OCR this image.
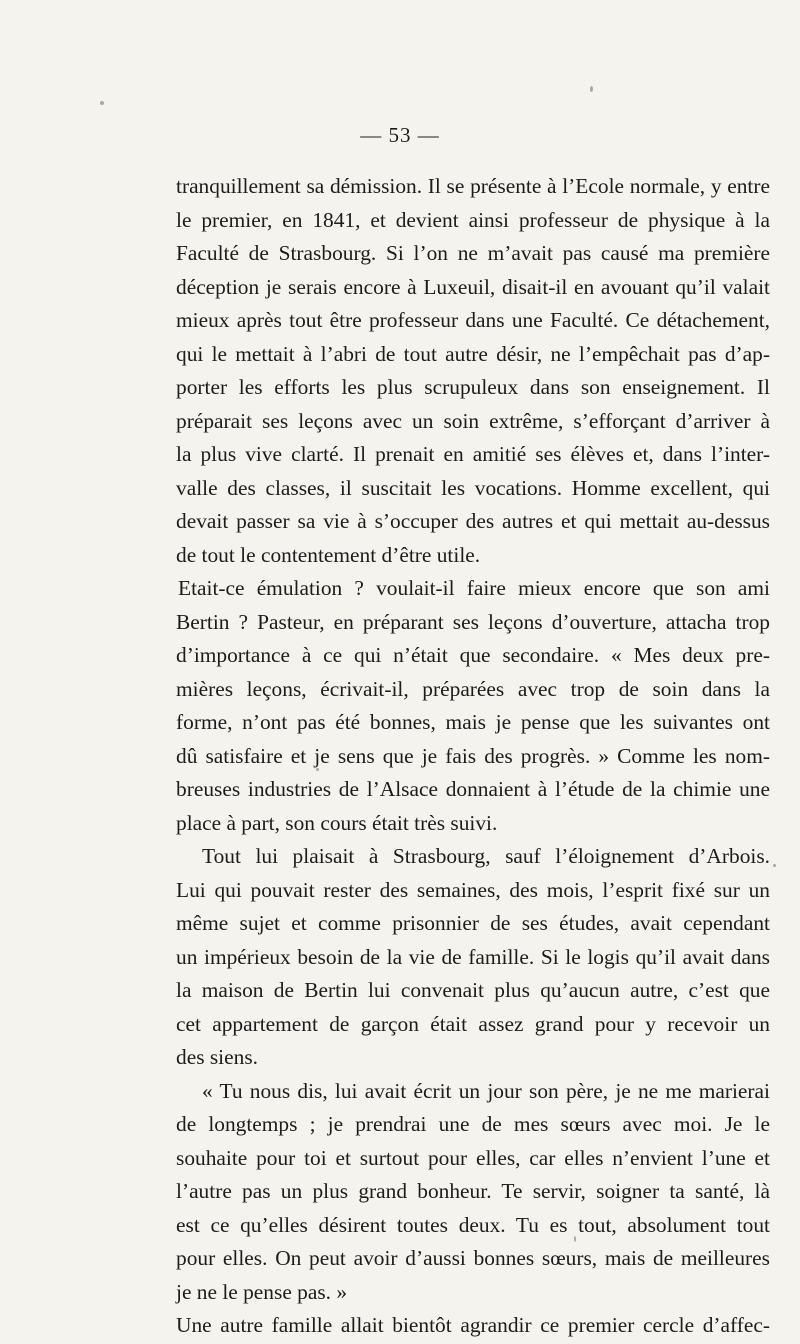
— 53 —
tranquillement sa démission. Il se présente à l’Ecole normale, y entre
le premier, en 1841, et devient ainsi professeur de physique à la
Faculté de Strasbourg. Si l’on ne m’avait pas causé ma première
déception je serais encore à Luxeuil, disait-il en avouant qu’il valait
mieux après tout être professeur dans une Faculté. Ce détachement,
qui le mettait à l’abri de tout autre désir, ne l’empêchait pas d’ap-
porter les efforts les plus scrupuleux dans son enseignement. Il
préparait ses leçons avec un soin extrême, s’efforçant d’arriver à
la plus vive clarté. Il prenait en amitié ses élèves et, dans l’inter-
valle des classes, il suscitait les vocations. Homme excellent, qui
devait passer sa vie à s’occuper des autres et qui mettait au-dessus
de tout le contentement d’être utile.
Etait-ce émulation ? voulait-il faire mieux encore que son ami
Bertin ? Pasteur, en préparant ses leçons d’ouverture, attacha trop
d’importance à ce qui n’était que secondaire. « Mes deux pre-
mières leçons, écrivait-il, préparées avec trop de soin dans la
forme, n’ont pas été bonnes, mais je pense que les suivantes ont
dû satisfaire et je sens que je fais des progrès. » Comme les nom-
breuses industries de l’Alsace donnaient à l’étude de la chimie une
place à part, son cours était très suivi.
Tout lui plaisait à Strasbourg, sauf l’éloignement d’Arbois.
Lui qui pouvait rester des semaines, des mois, l’esprit fixé sur un
même sujet et comme prisonnier de ses études, avait cependant
un impérieux besoin de la vie de famille. Si le logis qu’il avait dans
la maison de Bertin lui convenait plus qu’aucun autre, c’est que
cet appartement de garçon était assez grand pour y recevoir un
des siens.
« Tu nous dis, lui avait écrit un jour son père, je ne me marierai
de longtemps ; je prendrai une de mes sœurs avec moi. Je le
souhaite pour toi et surtout pour elles, car elles n’envient l’une et
l’autre pas un plus grand bonheur. Te servir, soigner ta santé, là
est ce qu’elles désirent toutes deux. Tu es tout, absolument tout
pour elles. On peut avoir d’aussi bonnes sœurs, mais de meilleures
je ne le pense pas. »
Une autre famille allait bientôt agrandir ce premier cercle d’affec-
